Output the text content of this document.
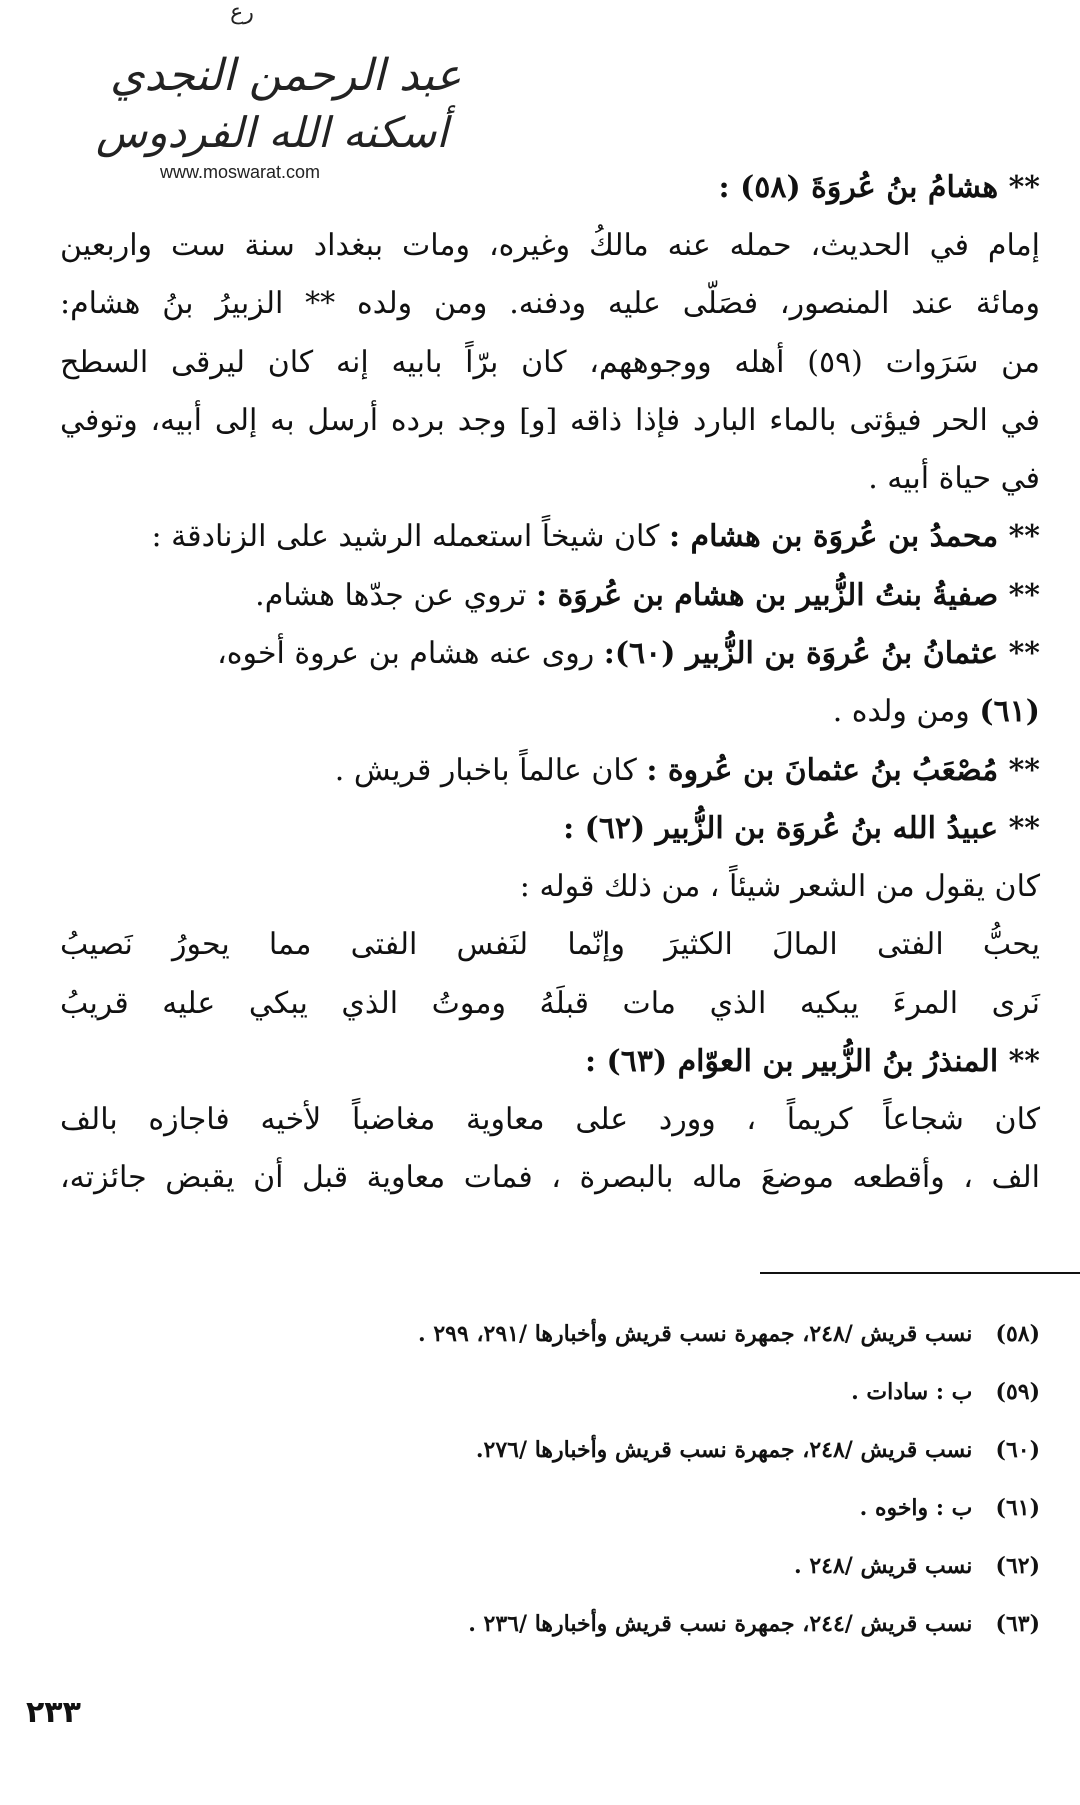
رع
عبد الرحمن النجدي
أسكنه الله الفردوس
www.moswarat.com	** هشامُ بنُ عُروَةَ (٥٨) :
إمام في الحديث، حمله عنه مالكُ وغيره، ومات ببغداد سنة ست واربعين
ومائة عند المنصور، فصَلّى عليه ودفنه. ومن ولده ** الزبيرُ بنُ هشام:
من سَرَوات (٥٩) أهله ووجوههم، كان برّاً بابيه إنه كان ليرقى السطح
في الحر فيؤتى بالماء البارد فإذا ذاقه [و] وجد برده أرسل به إلى أبيه، وتوفي
في حياة أبيه .
** محمدُ بن عُروَة بن هشام : كان شيخاً استعمله الرشيد على الزنادقة :
** صفيةُ بنتُ الزُّبير بن هشام بن عُروَة : تروي عن جدّها هشام.
** عثمانُ بنُ عُروَة بن الزُّبير (٦٠): روى عنه هشام بن عروة أخوه،
(٦١) ومن ولده .
** مُصْعَبُ بنُ عثمانَ بن عُروة : كان عالماً باخبار قريش .
** عبيدُ الله بنُ عُروَة بن الزُّبير (٦٢) :
كان يقول من الشعر شيئاً ، من ذلك قوله :
يحبُّ الفتى المالَ الكثيرَ وإنّما لنَفس الفتى مما يحورُ نَصيبُ
نَرى المرءَ يبكيه الذي مات قبلَهُ وموتُ الذي يبكي عليه قريبُ
** المنذرُ بنُ الزُّبير بن العوّام (٦٣) :
كان شجاعاً كريماً ، وورد على معاوية مغاضباً لأخيه فاجازه بالف
الف ، وأقطعه موضعَ ماله بالبصرة ، فمات معاوية قبل أن يقبض جائزته،
(٥٨) نسب قريش /٢٤٨، جمهرة نسب قريش وأخبارها /٢٩١، ٢٩٩ .
(٥٩) ب : سادات .
(٦٠) نسب قريش /٢٤٨، جمهرة نسب قريش وأخبارها /٢٧٦.
(٦١) ب : واخوه .
(٦٢) نسب قريش /٢٤٨ .
(٦٣) نسب قريش /٢٤٤، جمهرة نسب قريش وأخبارها /٢٣٦ .
٢٣٣
